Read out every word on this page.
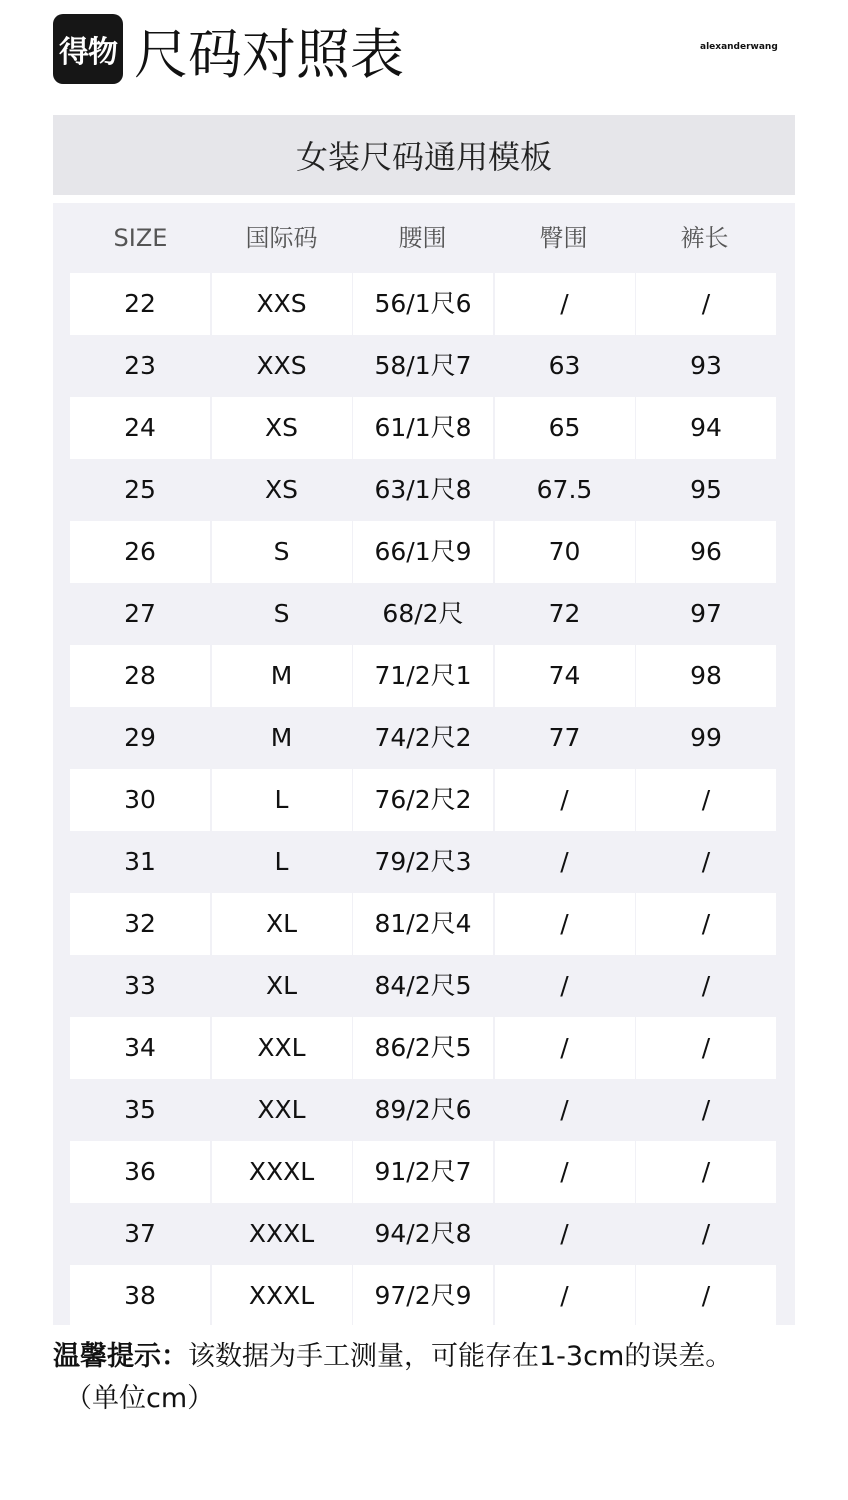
得物 尺码对照表	alexanderwang
女装尺码通用模板
SIZE	国际码	腰围	臀围	裤长
22	XXS	56/1尺6	/	/
23	XXS	58/1尺7	63	93
24	XS	61/1尺8	65	94
25	XS	63/1尺8	67.5	95
26	S	66/1尺9	70	96
27	S	68/2尺	72	97
28	M	71/2尺1	74	98
29	M	74/2尺2	77	99
30	L	76/2尺2	/	/
31	L	79/2尺3	/	/
32	XL	81/2尺4	/	/
33	XL	84/2尺5	/	/
34	XXL	86/2尺5	/	/
35	XXL	89/2尺6	/	/
36	XXXL	91/2尺7	/	/
37	XXXL	94/2尺8	/	/
38	XXXL	97/2尺9	/	/
温馨提示：该数据为手工测量，可能存在1-3cm的误差。
（单位cm）
